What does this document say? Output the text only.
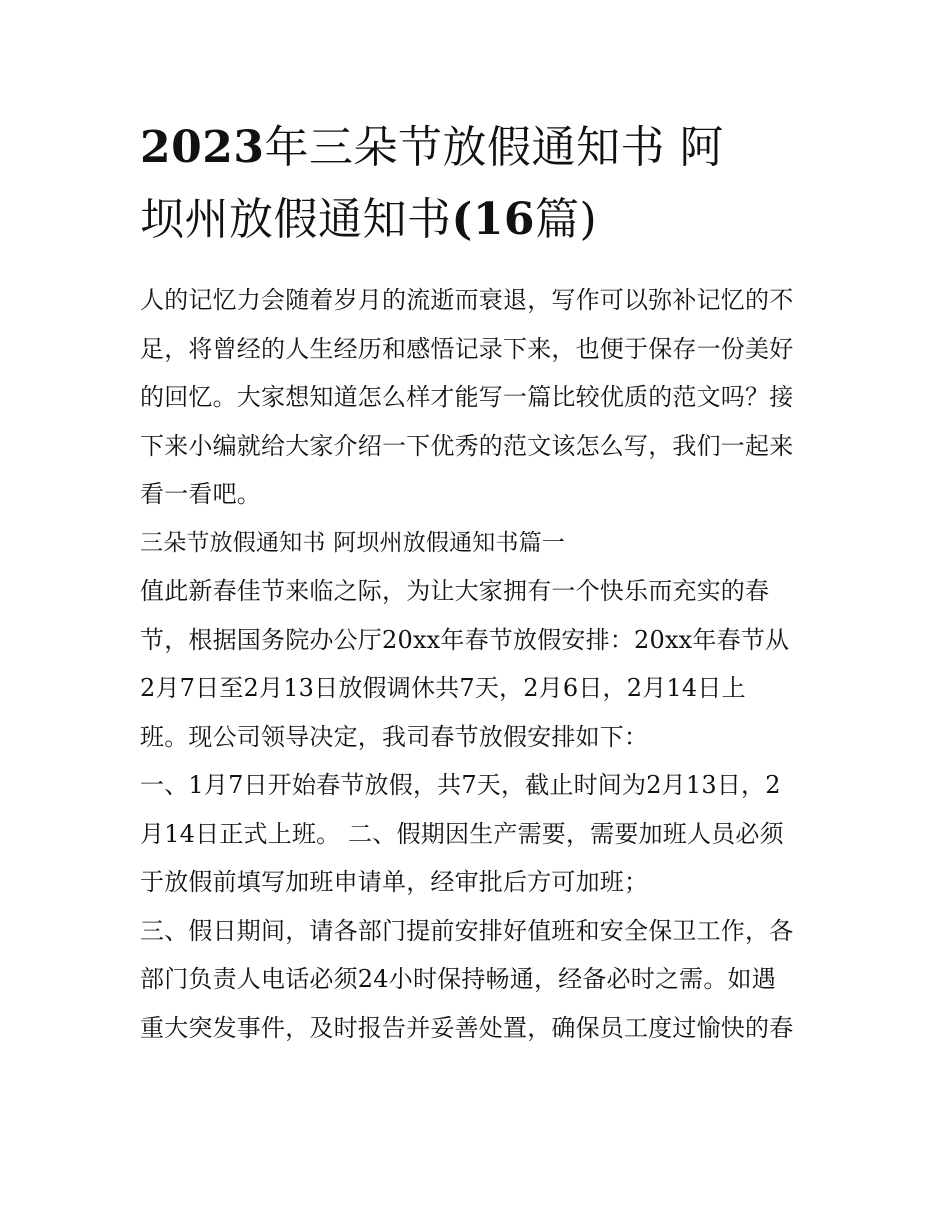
2023年三朵节放假通知书 阿
坝州放假通知书(16篇)
人的记忆力会随着岁月的流逝而衰退，写作可以弥补记忆的不
足，将曾经的人生经历和感悟记录下来，也便于保存一份美好
的回忆。大家想知道怎么样才能写一篇比较优质的范文吗？接
下来小编就给大家介绍一下优秀的范文该怎么写，我们一起来
看一看吧。
三朵节放假通知书 阿坝州放假通知书篇一
值此新春佳节来临之际，为让大家拥有一个快乐而充实的春
节，根据国务院办公厅20xx年春节放假安排：20xx年春节从
2月7日至2月13日放假调休共7天，2月6日，2月14日上
班。现公司领导决定，我司春节放假安排如下：
一、1月7日开始春节放假，共7天，截止时间为2月13日，2
月14日正式上班。 二、假期因生产需要，需要加班人员必须
于放假前填写加班申请单，经审批后方可加班；
三、假日期间，请各部门提前安排好值班和安全保卫工作，各
部门负责人电话必须24小时保持畅通，经备必时之需。如遇
重大突发事件，及时报告并妥善处置，确保员工度过愉快的春
